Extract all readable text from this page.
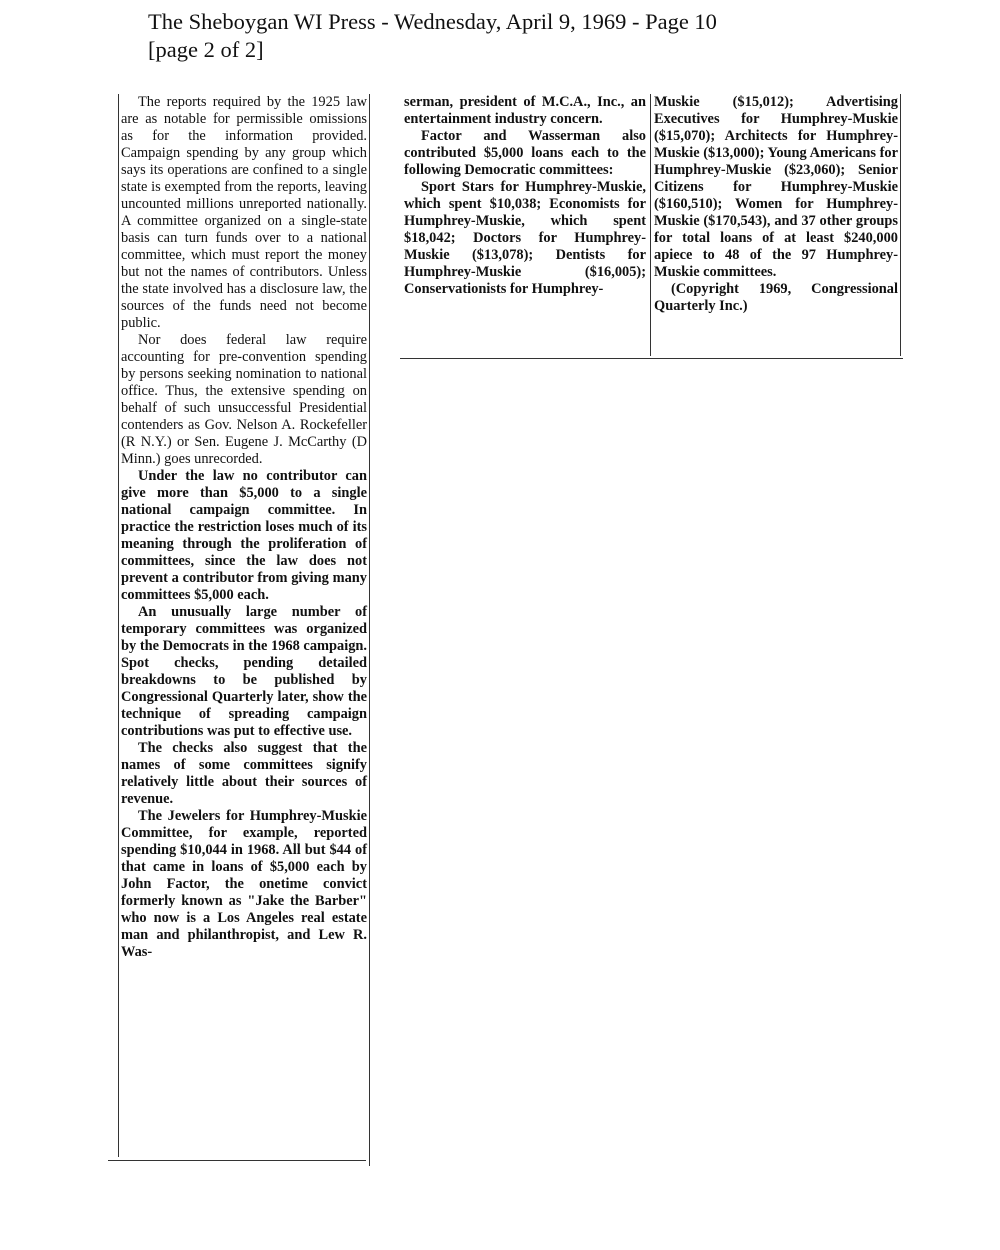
The Sheboygan WI Press - Wednesday, April 9, 1969 - Page 10
[page 2 of 2]

The reports required by the 1925 law are as notable for permissible omissions as for the information provided. Campaign spending by any group which says its operations are confined to a single state is exempted from the reports, leaving uncounted millions unreported nationally. A committee organized on a single-state basis can turn funds over to a national committee, which must report the money but not the names of contributors. Unless the state involved has a disclosure law, the sources of the funds need not become public.

Nor does federal law require accounting for pre-convention spending by persons seeking nomination to national office. Thus, the extensive spending on behalf of such unsuccessful Presidential contenders as Gov. Nelson A. Rockefeller (R N.Y.) or Sen. Eugene J. McCarthy (D Minn.) goes unrecorded.

Under the law no contributor can give more than $5,000 to a single national campaign committee. In practice the restriction loses much of its meaning through the proliferation of committees, since the law does not prevent a contributor from giving many committees $5,000 each.

An unusually large number of temporary committees was organized by the Democrats in the 1968 campaign. Spot checks, pending detailed breakdowns to be published by Congressional Quarterly later, show the technique of spreading campaign contributions was put to effective use.

The checks also suggest that the names of some committees signify relatively little about their sources of revenue.

The Jewelers for Humphrey-Muskie Committee, for example, reported spending $10,044 in 1968. All but $44 of that came in loans of $5,000 each by John Factor, the onetime convict formerly known as "Jake the Barber" who now is a Los Angeles real estate man and philanthropist, and Lew R. Was-

serman, president of M.C.A., Inc., an entertainment industry concern.

Factor and Wasserman also contributed $5,000 loans each to the following Democratic committees:

Sport Stars for Humphrey-Muskie, which spent $10,038; Economists for Humphrey-Muskie, which spent $18,042; Doctors for Humphrey-Muskie ($13,078); Dentists for Humphrey-Muskie ($16,005); Conservationists for Humphrey-

Muskie ($15,012); Advertising Executives for Humphrey-Muskie ($15,070); Architects for Humphrey-Muskie ($13,000); Young Americans for Humphrey-Muskie ($23,060); Senior Citizens for Humphrey-Muskie ($160,510); Women for Humphrey-Muskie ($170,543), and 37 other groups for total loans of at least $240,000 apiece to 48 of the 97 Humphrey-Muskie committees.

(Copyright 1969, Congressional Quarterly Inc.)
